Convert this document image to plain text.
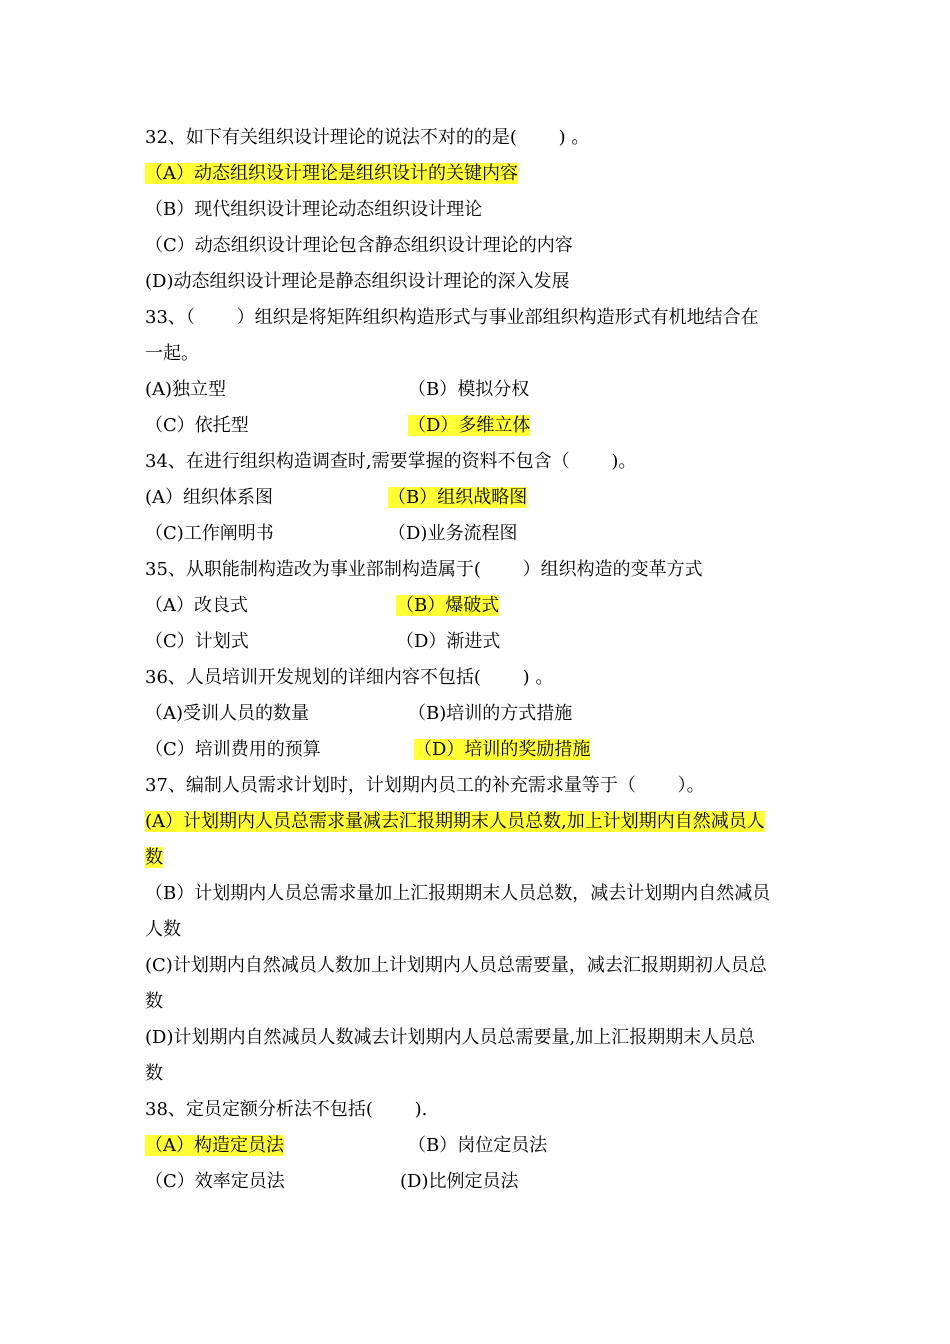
32、如下有关组织设计理论的说法不对的的是(　　 ) 。
（A）动态组织设计理论是组织设计的关键内容
（B）现代组织设计理论动态组织设计理论
（C）动态组织设计理论包含静态组织设计理论的内容
(D)动态组织设计理论是静态组织设计理论的深入发展
33、（　　 ）组织是将矩阵组织构造形式与事业部组织构造形式有机地结合在
一起。
(A)独立型	（B）模拟分权
（C）依托型	（D）多维立体
34、在进行组织构造调查时,需要掌握的资料不包含（　　 )。
(A）组织体系图	（B）组织战略图
（C)工作阐明书	（D)业务流程图
35、从职能制构造改为事业部制构造属于(　　 ）组织构造的变革方式
（A）改良式	（B）爆破式
（C）计划式	（D）渐进式
36、人员培训开发规划的详细内容不包括(　　 ) 。
（A)受训人员的数量	（B)培训的方式措施
（C）培训费用的预算	（D）培训的奖励措施
37、编制人员需求计划时，计划期内员工的补充需求量等于（　　 ）。
(A）计划期内人员总需求量减去汇报期期末人员总数,加上计划期内自然减员人
数
（B）计划期内人员总需求量加上汇报期期末人员总数，减去计划期内自然减员
人数
(C)计划期内自然减员人数加上计划期内人员总需要量，减去汇报期期初人员总
数
(D)计划期内自然减员人数减去计划期内人员总需要量,加上汇报期期末人员总
数
38、定员定额分析法不包括(　　 ).
（A）构造定员法	（B）岗位定员法
（C）效率定员法	(D)比例定员法
